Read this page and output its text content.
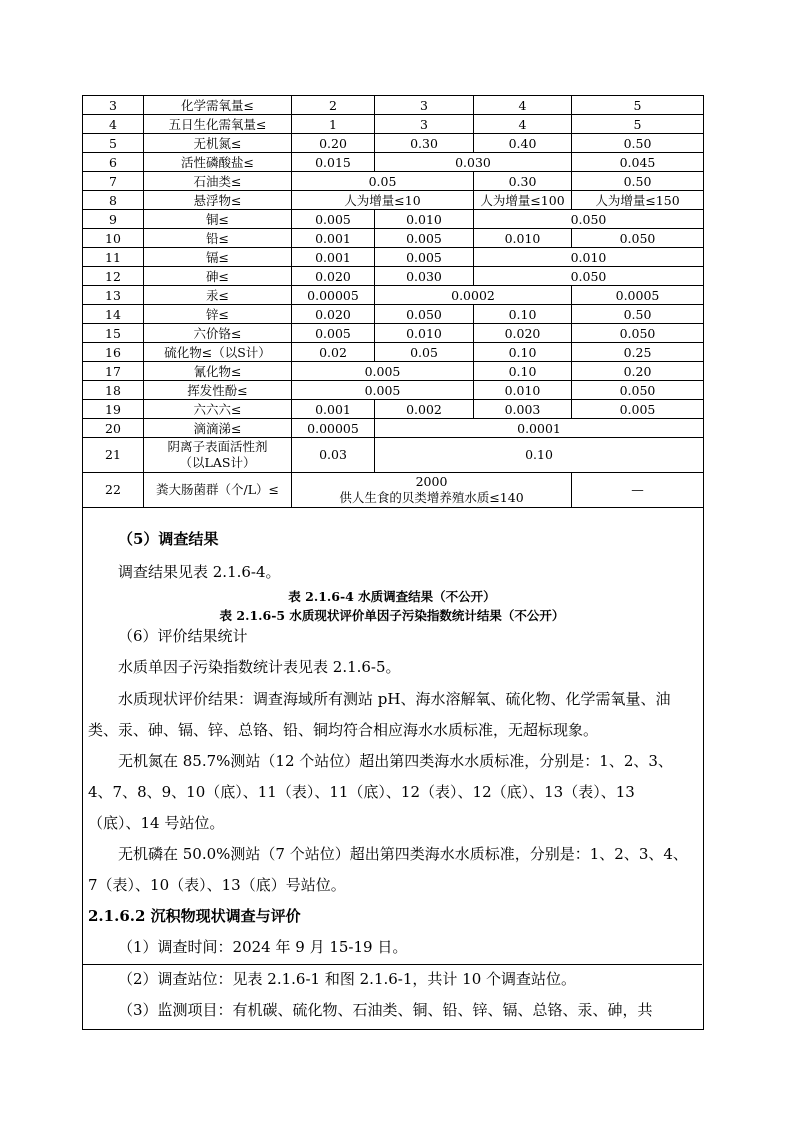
3	化学需氧量≤	2	3	4	5
4	五日生化需氧量≤	1	3	4	5
5	无机氮≤	0.20	0.30	0.40	0.50
6	活性磷酸盐≤	0.015	0.030		0.045
7	石油类≤	0.05		0.30	0.50
8	悬浮物≤	人为增量≤10		人为增量≤100	人为增量≤150
9	铜≤	0.005	0.010	0.050	
10	铅≤	0.001	0.005	0.010	0.050
11	镉≤	0.001	0.005	0.010	
12	砷≤	0.020	0.030	0.050	
13	汞≤	0.00005	0.0002		0.0005
14	锌≤	0.020	0.050	0.10	0.50
15	六价铬≤	0.005	0.010	0.020	0.050
16	硫化物≤（以S计）	0.02	0.05	0.10	0.25
17	氰化物≤	0.005		0.10	0.20
18	挥发性酚≤	0.005		0.010	0.050
19	六六六≤	0.001	0.002	0.003	0.005
20	滴滴涕≤	0.00005	0.0001		
21	阴离子表面活性剂
（以LAS计）	0.03	0.10		
22	粪大肠菌群（个/L）≤	2000
供人生食的贝类增养殖水质≤140			—
（5）调查结果
调查结果见表 2.1.6-4。
表 2.1.6-4 水质调查结果（不公开）
表 2.1.6-5 水质现状评价单因子污染指数统计结果（不公开）
（6）评价结果统计
水质单因子污染指数统计表见表 2.1.6-5。
水质现状评价结果：调查海域所有测站 pH、海水溶解氧、硫化物、化学需氧量、油
类、汞、砷、镉、锌、总铬、铅、铜均符合相应海水水质标准，无超标现象。
无机氮在 85.7%测站（12 个站位）超出第四类海水水质标准，分别是：1、2、3、
4、7、8、9、10（底）、11（表）、11（底）、12（表）、12（底）、13（表）、13
（底）、14 号站位。
无机磷在 50.0%测站（7 个站位）超出第四类海水水质标准，分别是：1、2、3、4、
7（表）、10（表）、13（底）号站位。
2.1.6.2 沉积物现状调查与评价
（1）调查时间：2024 年 9 月 15-19 日。
（2）调查站位：见表 2.1.6-1 和图 2.1.6-1，共计 10 个调查站位。
（3）监测项目：有机碳、硫化物、石油类、铜、铅、锌、镉、总铬、汞、砷，共
